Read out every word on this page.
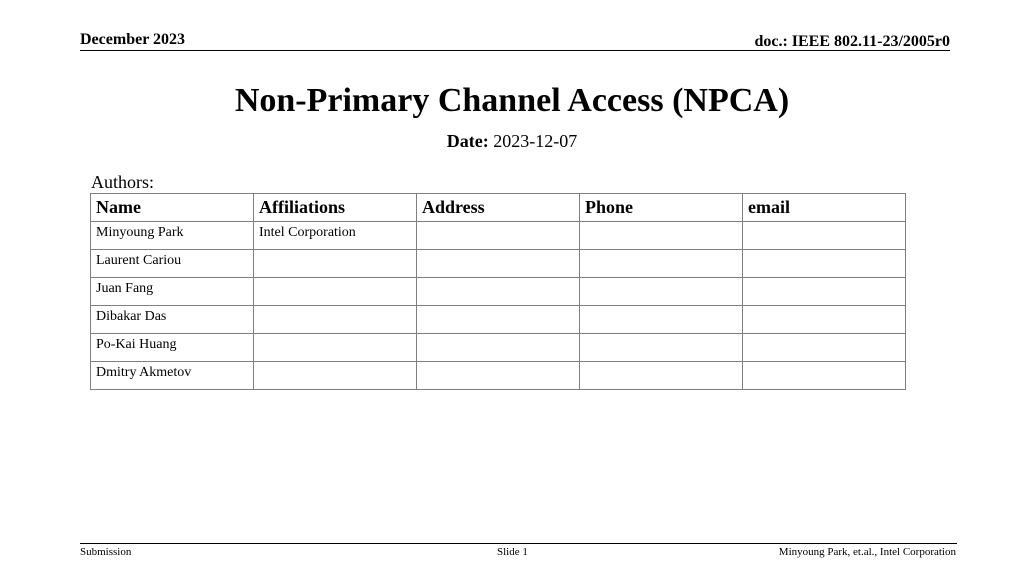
December 2023	doc.: IEEE 802.11-23/2005r0
Non-Primary Channel Access (NPCA)
Date: 2023-12-07
Authors:
Name	Affiliations	Address	Phone	email
Minyoung Park	Intel Corporation			
Laurent Cariou				
Juan Fang				
Dibakar Das				
Po-Kai Huang				
Dmitry Akmetov				
Submission	Slide 1	Minyoung Park, et.al., Intel Corporation
